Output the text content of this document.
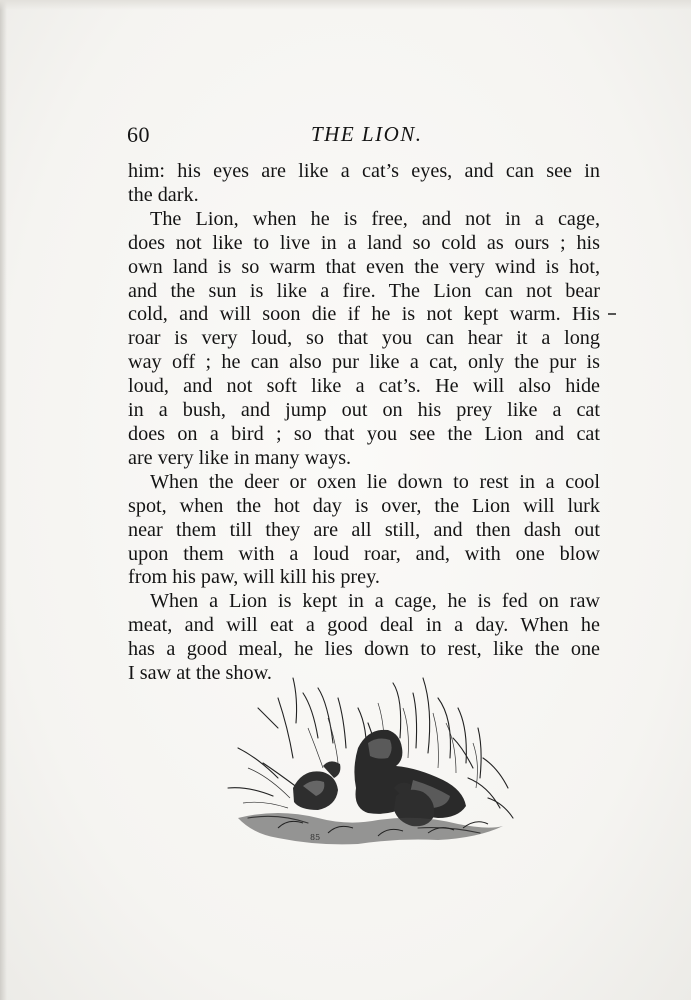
60	THE LION.

him: his eyes are like a cat’s eyes, and can see in
the dark.

The Lion, when he is free, and not in a cage,
does not like to live in a land so cold as ours ; his
own land is so warm that even the very wind is hot,
and the sun is like a fire. The Lion can not bear
cold, and will soon die if he is not kept warm. His
roar is very loud, so that you can hear it a long
way off ; he can also pur like a cat, only the pur is
loud, and not soft like a cat’s. He will also hide
in a bush, and jump out on his prey like a cat
does on a bird ; so that you see the Lion and cat
are very like in many ways.

When the deer or oxen lie down to rest in a cool
spot, when the hot day is over, the Lion will lurk
near them till they are all still, and then dash out
upon them with a loud roar, and, with one blow
from his paw, will kill his prey.

When a Lion is kept in a cage, he is fed on raw
meat, and will eat a good deal in a day. When he
has a good meal, he lies down to rest, like the one
I saw at the show.

85
